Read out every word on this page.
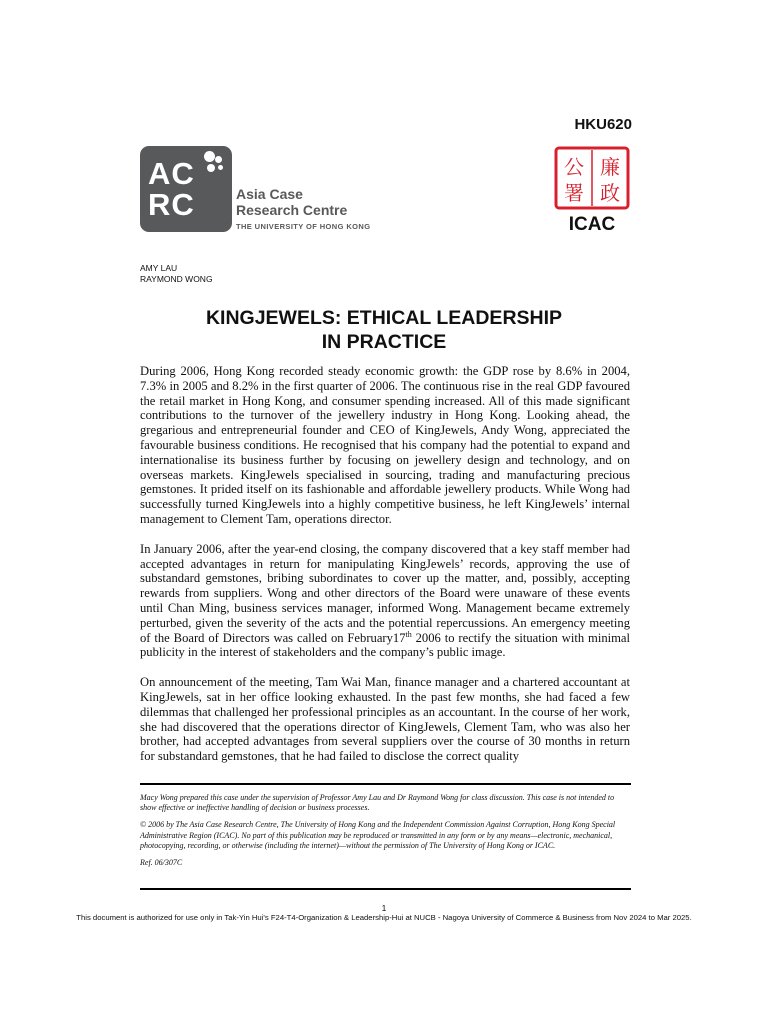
HKU620
AC
RC	Asia Case
Research Centre
THE UNIVERSITY OF HONG KONG
公 廉
署 政
ICAC
AMY LAU
RAYMOND WONG
KINGJEWELS: ETHICAL LEADERSHIP
IN PRACTICE

During 2006, Hong Kong recorded steady economic growth: the GDP rose by 8.6% in 2004, 7.3% in 2005 and 8.2% in the first quarter of 2006. The continuous rise in the real GDP favoured the retail market in Hong Kong, and consumer spending increased. All of this made significant contributions to the turnover of the jewellery industry in Hong Kong. Looking ahead, the gregarious and entrepreneurial founder and CEO of KingJewels, Andy Wong, appreciated the favourable business conditions. He recognised that his company had the potential to expand and internationalise its business further by focusing on jewellery design and technology, and on overseas markets. KingJewels specialised in sourcing, trading and manufacturing precious gemstones. It prided itself on its fashionable and affordable jewellery products. While Wong had successfully turned KingJewels into a highly competitive business, he left KingJewels’ internal management to Clement Tam, operations director.

In January 2006, after the year-end closing, the company discovered that a key staff member had accepted advantages in return for manipulating KingJewels’ records, approving the use of substandard gemstones, bribing subordinates to cover up the matter, and, possibly, accepting rewards from suppliers. Wong and other directors of the Board were unaware of these events until Chan Ming, business services manager, informed Wong. Management became extremely perturbed, given the severity of the acts and the potential repercussions. An emergency meeting of the Board of Directors was called on February17th 2006 to rectify the situation with minimal publicity in the interest of stakeholders and the company’s public image.

On announcement of the meeting, Tam Wai Man, finance manager and a chartered accountant at KingJewels, sat in her office looking exhausted. In the past few months, she had faced a few dilemmas that challenged her professional principles as an accountant. In the course of her work, she had discovered that the operations director of KingJewels, Clement Tam, who was also her brother, had accepted advantages from several suppliers over the course of 30 months in return for substandard gemstones, that he had failed to disclose the correct quality

Macy Wong prepared this case under the supervision of Professor Amy Lau and Dr Raymond Wong for class discussion. This case is not intended to show effective or ineffective handling of decision or business processes.

© 2006 by The Asia Case Research Centre, The University of Hong Kong and the Independent Commission Against Corruption, Hong Kong Special Administrative Region (ICAC). No part of this publication may be reproduced or transmitted in any form or by any means—electronic, mechanical, photocopying, recording, or otherwise (including the internet)—without the permission of The University of Hong Kong or ICAC.

Ref. 06/307C

1
This document is authorized for use only in Tak-Yin Hui's F24-T4-Organization & Leadership-Hui at NUCB - Nagoya University of Commerce & Business from Nov 2024 to Mar 2025.
